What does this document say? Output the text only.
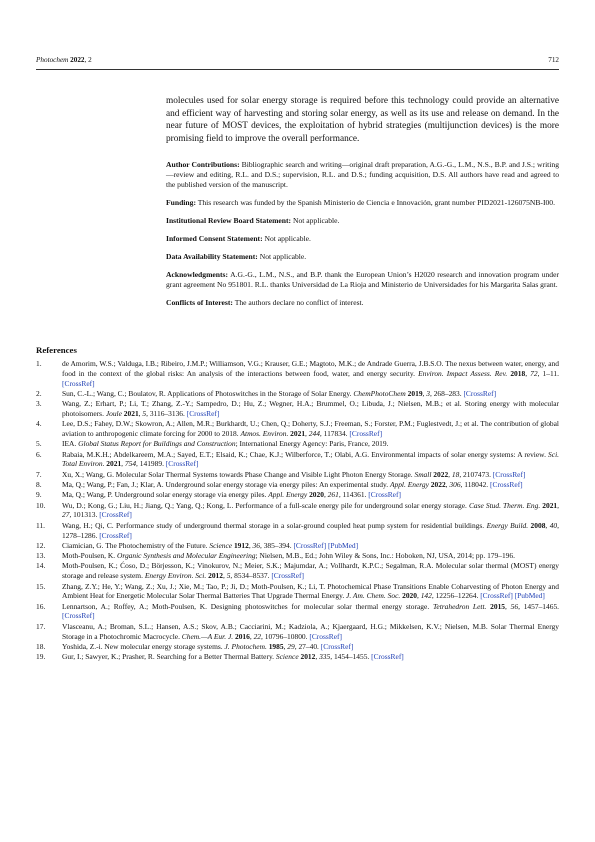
Photochem 2022, 2	712

molecules used for solar energy storage is required before this technology could provide an alternative and efficient way of harvesting and storing solar energy, as well as its use and release on demand. In the near future of MOST devices, the exploitation of hybrid strategies (multijunction devices) is the more promising field to improve the overall performance.

Author Contributions: Bibliographic search and writing—original draft preparation, A.G.-G., L.M., N.S., B.P. and J.S.; writing—review and editing, R.L. and D.S.; supervision, R.L. and D.S.; funding acquisition, D.S. All authors have read and agreed to the published version of the manuscript.

Funding: This research was funded by the Spanish Ministerio de Ciencia e Innovación, grant number PID2021-126075NB-I00.

Institutional Review Board Statement: Not applicable.

Informed Consent Statement: Not applicable.

Data Availability Statement: Not applicable.

Acknowledgments: A.G.-G., L.M., N.S., and B.P. thank the European Union’s H2020 research and innovation program under grant agreement No 951801. R.L. thanks Universidad de La Rioja and Ministerio de Universidades for his Margarita Salas grant.

Conflicts of Interest: The authors declare no conflict of interest.

References
1.	de Amorim, W.S.; Valduga, I.B.; Ribeiro, J.M.P.; Williamson, V.G.; Krauser, G.E.; Magtoto, M.K.; de Andrade Guerra, J.B.S.O. The nexus between water, energy, and food in the context of the global risks: An analysis of the interactions between food, water, and energy security. Environ. Impact Assess. Rev. 2018, 72, 1–11. [CrossRef]
2.	Sun, C.-L.; Wang, C.; Boulatov, R. Applications of Photoswitches in the Storage of Solar Energy. ChemPhotoChem 2019, 3, 268–283. [CrossRef]
3.	Wang, Z.; Erhart, P.; Li, T.; Zhang, Z.-Y.; Sampedro, D.; Hu, Z.; Wegner, H.A.; Brummel, O.; Libuda, J.; Nielsen, M.B.; et al. Storing energy with molecular photoisomers. Joule 2021, 5, 3116–3136. [CrossRef]
4.	Lee, D.S.; Fahey, D.W.; Skowron, A.; Allen, M.R.; Burkhardt, U.; Chen, Q.; Doherty, S.J.; Freeman, S.; Forster, P.M.; Fuglestvedt, J.; et al. The contribution of global aviation to anthropogenic climate forcing for 2000 to 2018. Atmos. Environ. 2021, 244, 117834. [CrossRef]
5.	IEA. Global Status Report for Buildings and Construction; International Energy Agency: Paris, France, 2019.
6.	Rabaia, M.K.H.; Abdelkareem, M.A.; Sayed, E.T.; Elsaid, K.; Chae, K.J.; Wilberforce, T.; Olabi, A.G. Environmental impacts of solar energy systems: A review. Sci. Total Environ. 2021, 754, 141989. [CrossRef]
7.	Xu, X.; Wang, G. Molecular Solar Thermal Systems towards Phase Change and Visible Light Photon Energy Storage. Small 2022, 18, 2107473. [CrossRef]
8.	Ma, Q.; Wang, P.; Fan, J.; Klar, A. Underground solar energy storage via energy piles: An experimental study. Appl. Energy 2022, 306, 118042. [CrossRef]
9.	Ma, Q.; Wang, P. Underground solar energy storage via energy piles. Appl. Energy 2020, 261, 114361. [CrossRef]
10.	Wu, D.; Kong, G.; Liu, H.; Jiang, Q.; Yang, Q.; Kong, L. Performance of a full-scale energy pile for underground solar energy storage. Case Stud. Therm. Eng. 2021, 27, 101313. [CrossRef]
11.	Wang, H.; Qi, C. Performance study of underground thermal storage in a solar-ground coupled heat pump system for residential buildings. Energy Build. 2008, 40, 1278–1286. [CrossRef]
12.	Ciamician, G. The Photochemistry of the Future. Science 1912, 36, 385–394. [CrossRef] [PubMed]
13.	Moth-Poulsen, K. Organic Synthesis and Molecular Engineering; Nielsen, M.B., Ed.; John Wiley & Sons, Inc.: Hoboken, NJ, USA, 2014; pp. 179–196.
14.	Moth-Poulsen, K.; Ćoso, D.; Börjesson, K.; Vinokurov, N.; Meier, S.K.; Majumdar, A.; Vollhardt, K.P.C.; Segalman, R.A. Molecular solar thermal (MOST) energy storage and release system. Energy Environ. Sci. 2012, 5, 8534–8537. [CrossRef]
15.	Zhang, Z.Y.; He, Y.; Wang, Z.; Xu, J.; Xie, M.; Tao, P.; Ji, D.; Moth-Poulsen, K.; Li, T. Photochemical Phase Transitions Enable Coharvesting of Photon Energy and Ambient Heat for Energetic Molecular Solar Thermal Batteries That Upgrade Thermal Energy. J. Am. Chem. Soc. 2020, 142, 12256–12264. [CrossRef] [PubMed]
16.	Lennartson, A.; Roffey, A.; Moth-Poulsen, K. Designing photoswitches for molecular solar thermal energy storage. Tetrahedron Lett. 2015, 56, 1457–1465. [CrossRef]
17.	Vlasceanu, A.; Broman, S.L.; Hansen, A.S.; Skov, A.B.; Cacciarini, M.; Kadziola, A.; Kjaergaard, H.G.; Mikkelsen, K.V.; Nielsen, M.B. Solar Thermal Energy Storage in a Photochromic Macrocycle. Chem.—A Eur. J. 2016, 22, 10796–10800. [CrossRef]
18.	Yoshida, Z.-i. New molecular energy storage systems. J. Photochem. 1985, 29, 27–40. [CrossRef]
19.	Gur, I.; Sawyer, K.; Prasher, R. Searching for a Better Thermal Battery. Science 2012, 335, 1454–1455. [CrossRef]
